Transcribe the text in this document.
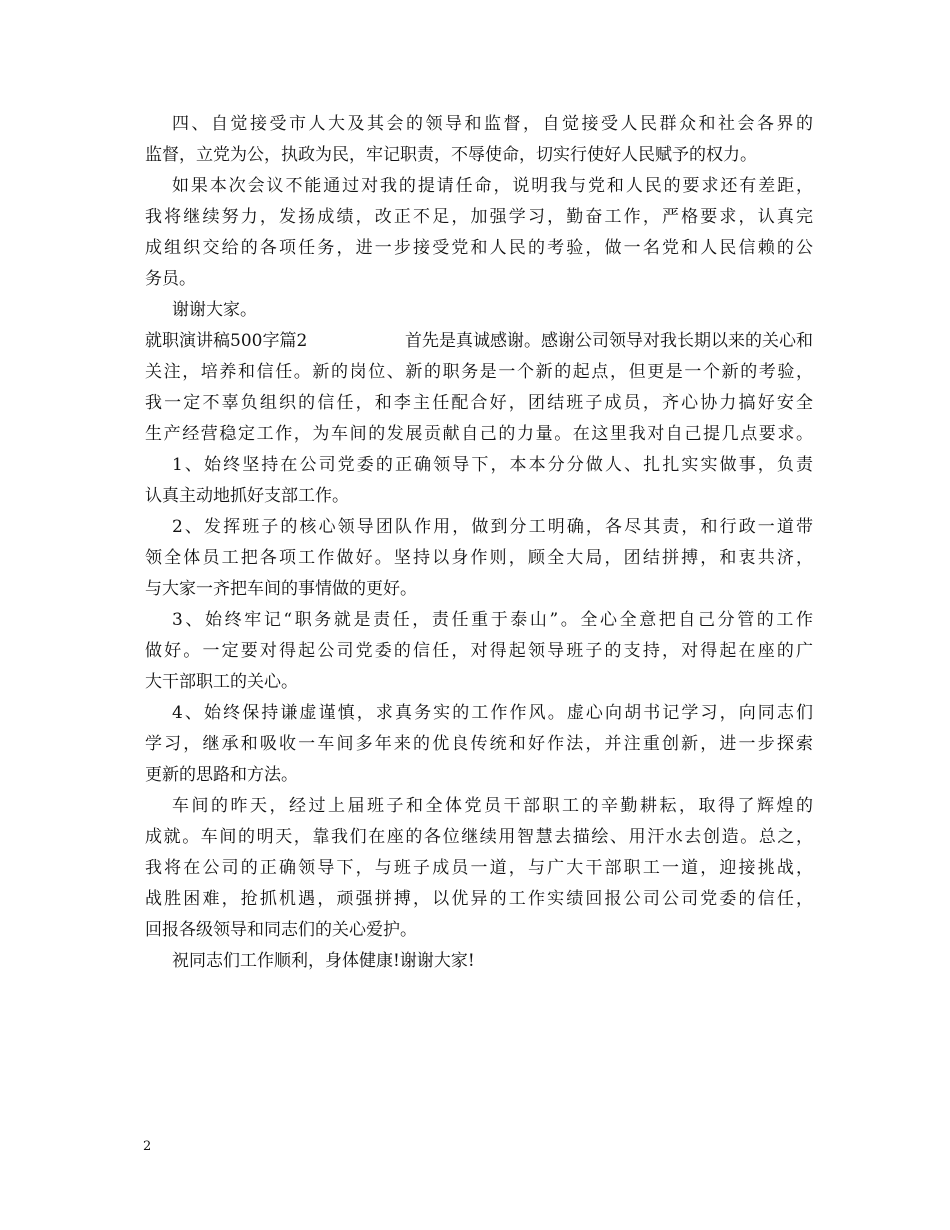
四、自觉接受市人大及其会的领导和监督，自觉接受人民群众和社会各界的
监督，立党为公，执政为民，牢记职责，不辱使命，切实行使好人民赋予的权力。
如果本次会议不能通过对我的提请任命，说明我与党和人民的要求还有差距，
我将继续努力，发扬成绩，改正不足，加强学习，勤奋工作，严格要求，认真完
成组织交给的各项任务，进一步接受党和人民的考验，做一名党和人民信赖的公
务员。
谢谢大家。
就职演讲稿500字篇2	首先是真诚感谢。感谢公司领导对我长期以来的关心和
关注，培养和信任。新的岗位、新的职务是一个新的起点，但更是一个新的考验，
我一定不辜负组织的信任，和李主任配合好，团结班子成员，齐心协力搞好安全
生产经营稳定工作，为车间的发展贡献自己的力量。在这里我对自己提几点要求。
1、始终坚持在公司党委的正确领导下，本本分分做人、扎扎实实做事，负责
认真主动地抓好支部工作。
2、发挥班子的核心领导团队作用，做到分工明确，各尽其责，和行政一道带
领全体员工把各项工作做好。坚持以身作则，顾全大局，团结拼搏，和衷共济，
与大家一齐把车间的事情做的更好。
3、始终牢记“职务就是责任，责任重于泰山”。全心全意把自己分管的工作
做好。一定要对得起公司党委的信任，对得起领导班子的支持，对得起在座的广
大干部职工的关心。
4、始终保持谦虚谨慎，求真务实的工作作风。虚心向胡书记学习，向同志们
学习，继承和吸收一车间多年来的优良传统和好作法，并注重创新，进一步探索
更新的思路和方法。
车间的昨天，经过上届班子和全体党员干部职工的辛勤耕耘，取得了辉煌的
成就。车间的明天，靠我们在座的各位继续用智慧去描绘、用汗水去创造。总之，
我将在公司的正确领导下，与班子成员一道，与广大干部职工一道，迎接挑战，
战胜困难，抢抓机遇，顽强拼搏，以优异的工作实绩回报公司公司党委的信任，
回报各级领导和同志们的关心爱护。
祝同志们工作顺利，身体健康!谢谢大家!
2
